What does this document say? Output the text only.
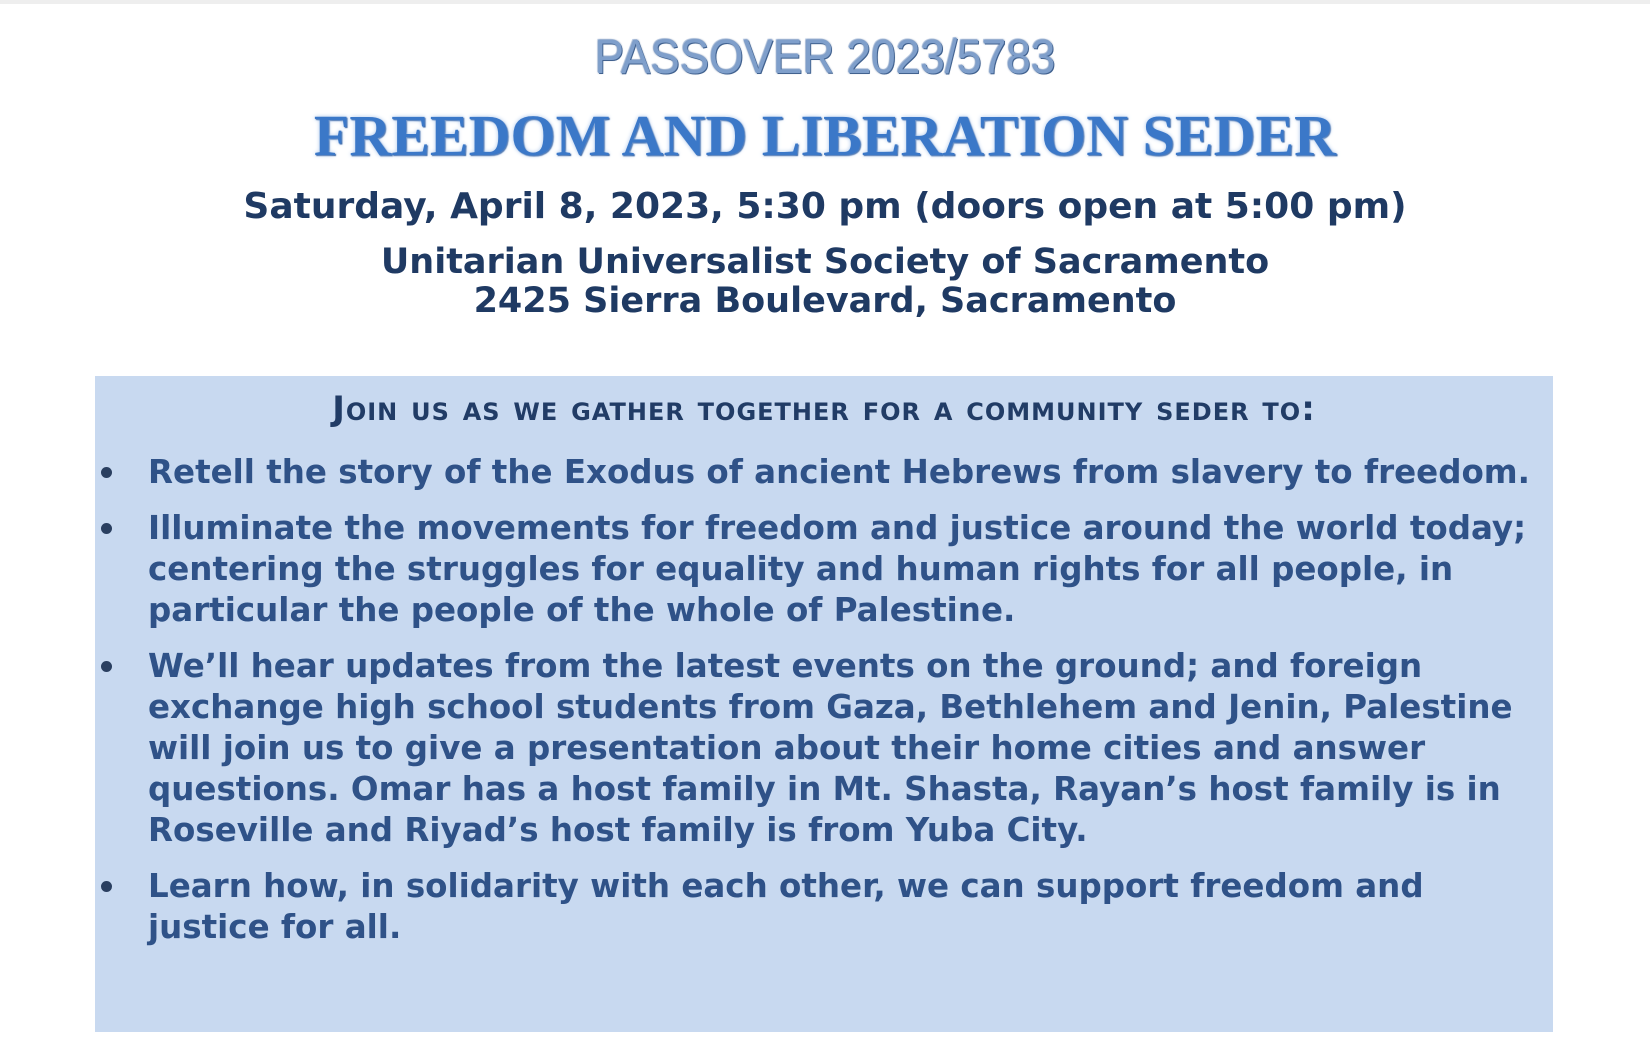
PASSOVER 2023/5783
FREEDOM AND LIBERATION SEDER
Saturday, April 8, 2023, 5:30 pm (doors open at 5:00 pm)
Unitarian Universalist Society of Sacramento
2425 Sierra Boulevard, Sacramento
Join us as we gather together for a community seder to:
Retell the story of the Exodus of ancient Hebrews from slavery to freedom.
Illuminate the movements for freedom and justice around the world today; centering the struggles for equality and human rights for all people, in particular the people of the whole of Palestine.
We’ll hear updates from the latest events on the ground; and foreign exchange high school students from Gaza, Bethlehem and Jenin, Palestine will join us to give a presentation about their home cities and answer questions. Omar has a host family in Mt. Shasta, Rayan’s host family is in Roseville and Riyad’s host family is from Yuba City.
Learn how, in solidarity with each other, we can support freedom and justice for all.
